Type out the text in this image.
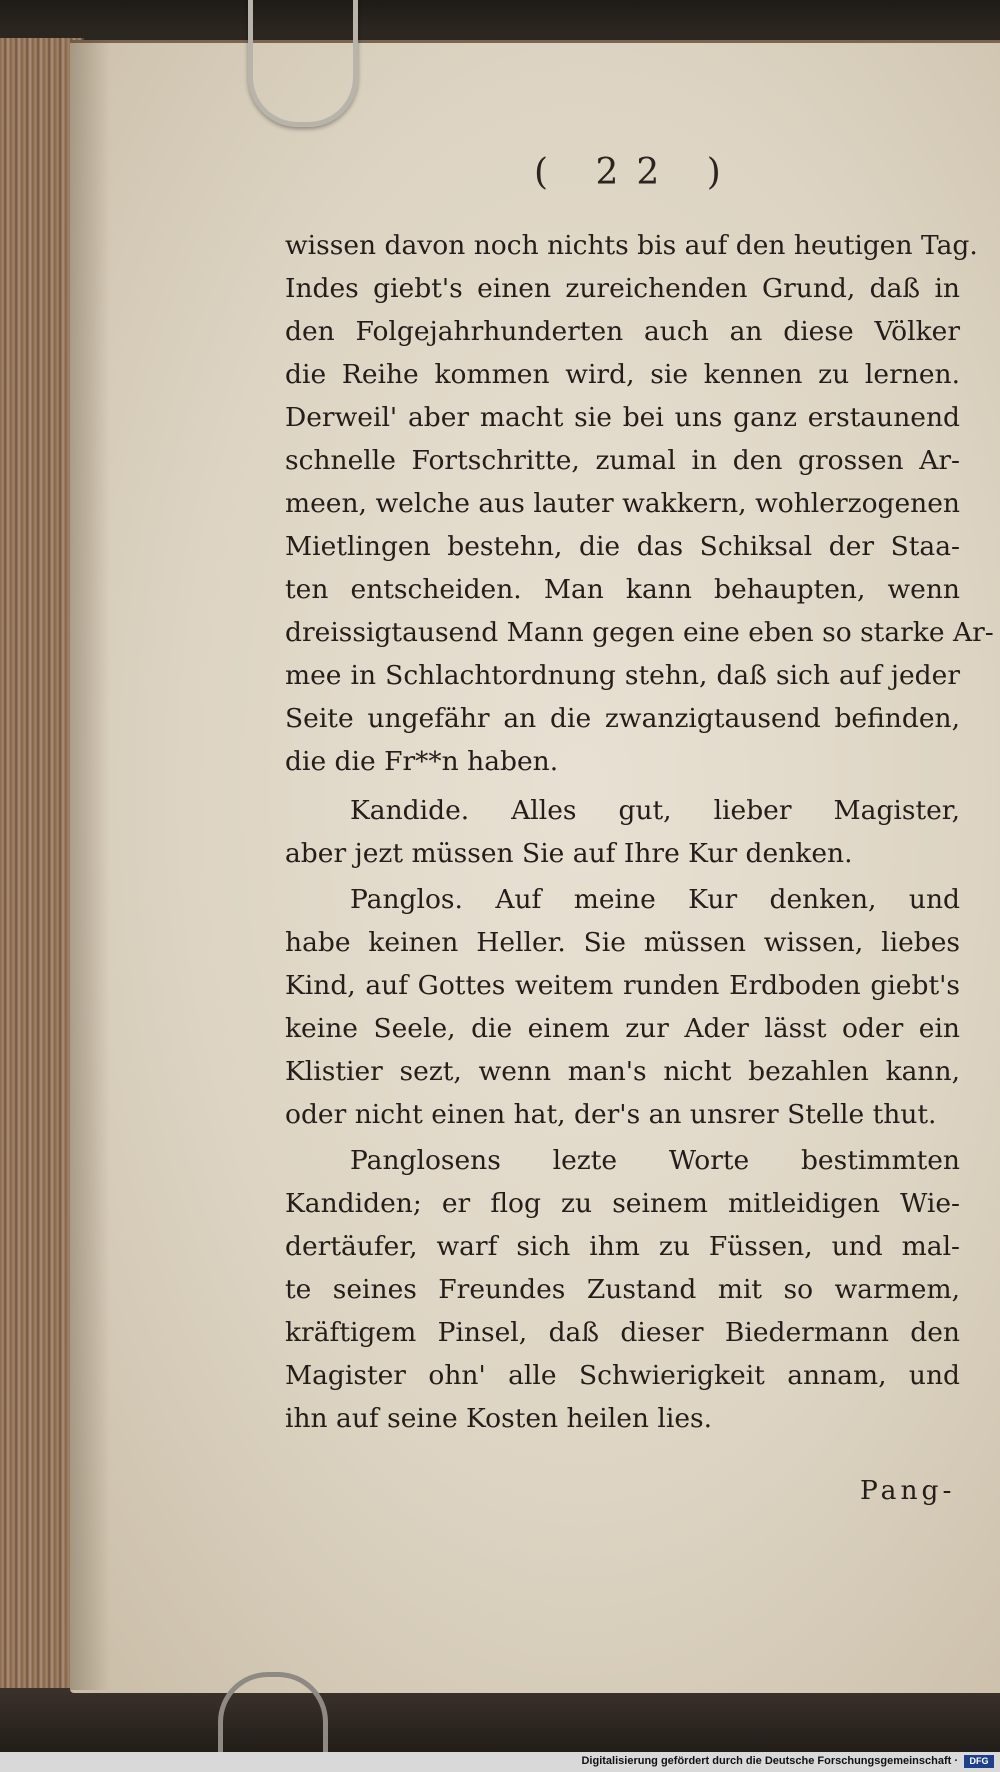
( 22 )
wissen davon noch nichts bis auf den heutigen Tag.
Indes giebt's einen zureichenden Grund, daß in
den Folgejahrhunderten auch an diese Völker
die Reihe kommen wird, sie kennen zu lernen.
Derweil' aber macht sie bei uns ganz erstaunend
schnelle Fortschritte, zumal in den grossen Ar-
meen, welche aus lauter wakkern, wohlerzogenen
Mietlingen bestehn, die das Schiksal der Staa-
ten entscheiden. Man kann behaupten, wenn
dreissigtausend Mann gegen eine eben so starke Ar-
mee in Schlachtordnung stehn, daß sich auf jeder
Seite ungefähr an die zwanzigtausend befinden,
die die Fr**n haben.
Kandide. Alles gut, lieber Magister,
aber jezt müssen Sie auf Ihre Kur denken.
Panglos. Auf meine Kur denken, und
habe keinen Heller. Sie müssen wissen, liebes
Kind, auf Gottes weitem runden Erdboden giebt's
keine Seele, die einem zur Ader lässt oder ein
Klistier sezt, wenn man's nicht bezahlen kann,
oder nicht einen hat, der's an unsrer Stelle thut.
Panglosens lezte Worte bestimmten
Kandiden; er flog zu seinem mitleidigen Wie-
dertäufer, warf sich ihm zu Füssen, und mal-
te seines Freundes Zustand mit so warmem,
kräftigem Pinsel, daß dieser Biedermann den
Magister ohn' alle Schwierigkeit annam, und
ihn auf seine Kosten heilen lies.
Pang-
Digitalisierung gefördert durch die Deutsche Forschungsgemeinschaft ·	DFG
